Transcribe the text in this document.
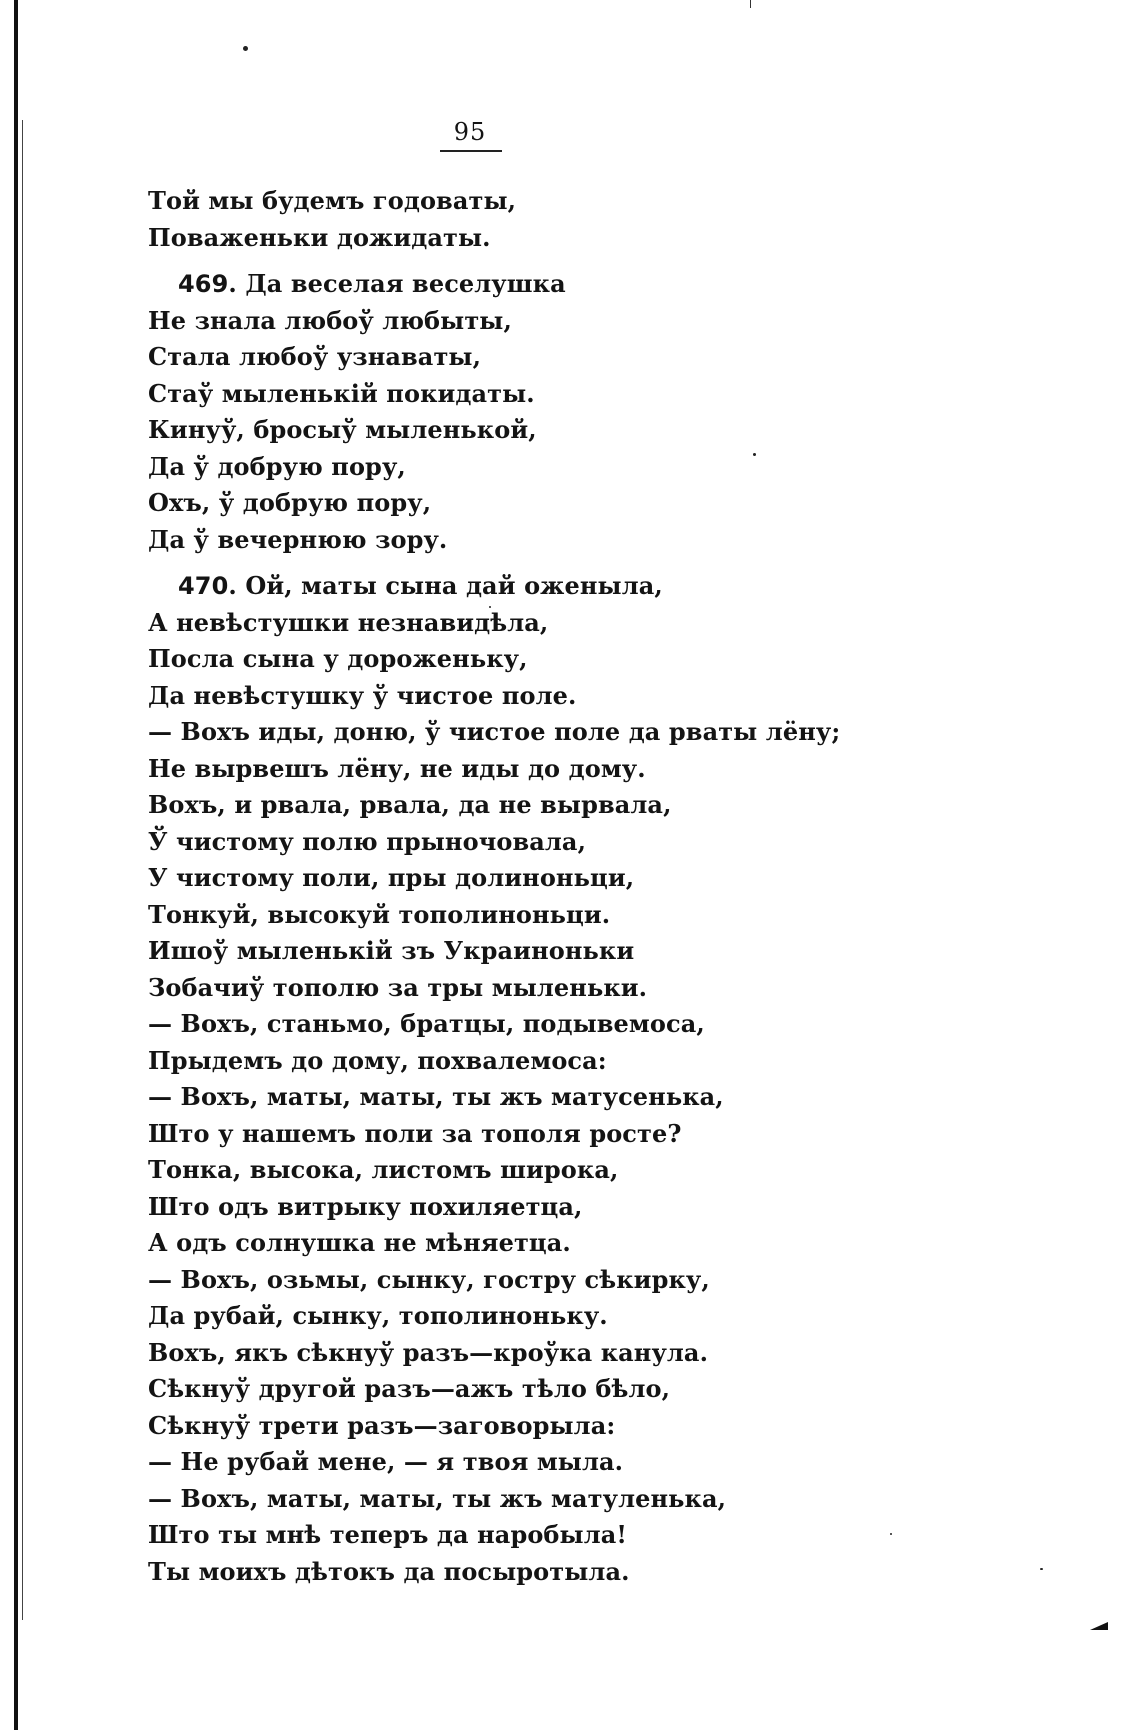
95
Той мы будемъ годоваты,
Поваженьки дожидаты.
469. Да веселая веселушка
Не знала любоў любыты,
Стала любоў узнаваты,
Стаў мыленькій покидаты.
Кинуў, бросыў мыленькой,
Да ў добрую пору,
Охъ, ў добрую пору,
Да ў вечернюю зору.
470. Ой, маты сына дай оженыла,
А невѣстушки незнавидѣла,
Посла сына у дороженьку,
Да невѣстушку ў чистое поле.
— Вохъ иды, доню, ў чистое поле да рваты лёну;
Не вырвешъ лёну, не иды до дому.
Вохъ, и рвала, рвала, да не вырвала,
Ў чистому полю прыночовала,
У чистому поли, пры долиноньци,
Тонкуй, высокуй тополиноньци.
Ишоў мыленькій зъ Украиноньки
Зобачиў тополю за тры мыленьки.
— Вохъ, станьмо, братцы, подывемоса,
Прыдемъ до дому, похвалемоса:
— Вохъ, маты, маты, ты жъ матусенька,
Што у нашемъ поли за тополя росте?
Тонка, высока, листомъ широка,
Што одъ витрыку похиляетца,
А одъ солнушка не мѣняетца.
— Вохъ, озьмы, сынку, гостру сѣкирку,
Да рубай, сынку, тополиноньку.
Вохъ, якъ сѣкнуў разъ—кроўка канула.
Сѣкнуў другой разъ—ажъ тѣло бѣло,
Сѣкнуў трети разъ—заговорыла:
— Не рубай мене, — я твоя мыла.
— Вохъ, маты, маты, ты жъ матуленька,
Што ты мнѣ теперъ да наробыла!
Ты моихъ дѣтокъ да посыротыла.
